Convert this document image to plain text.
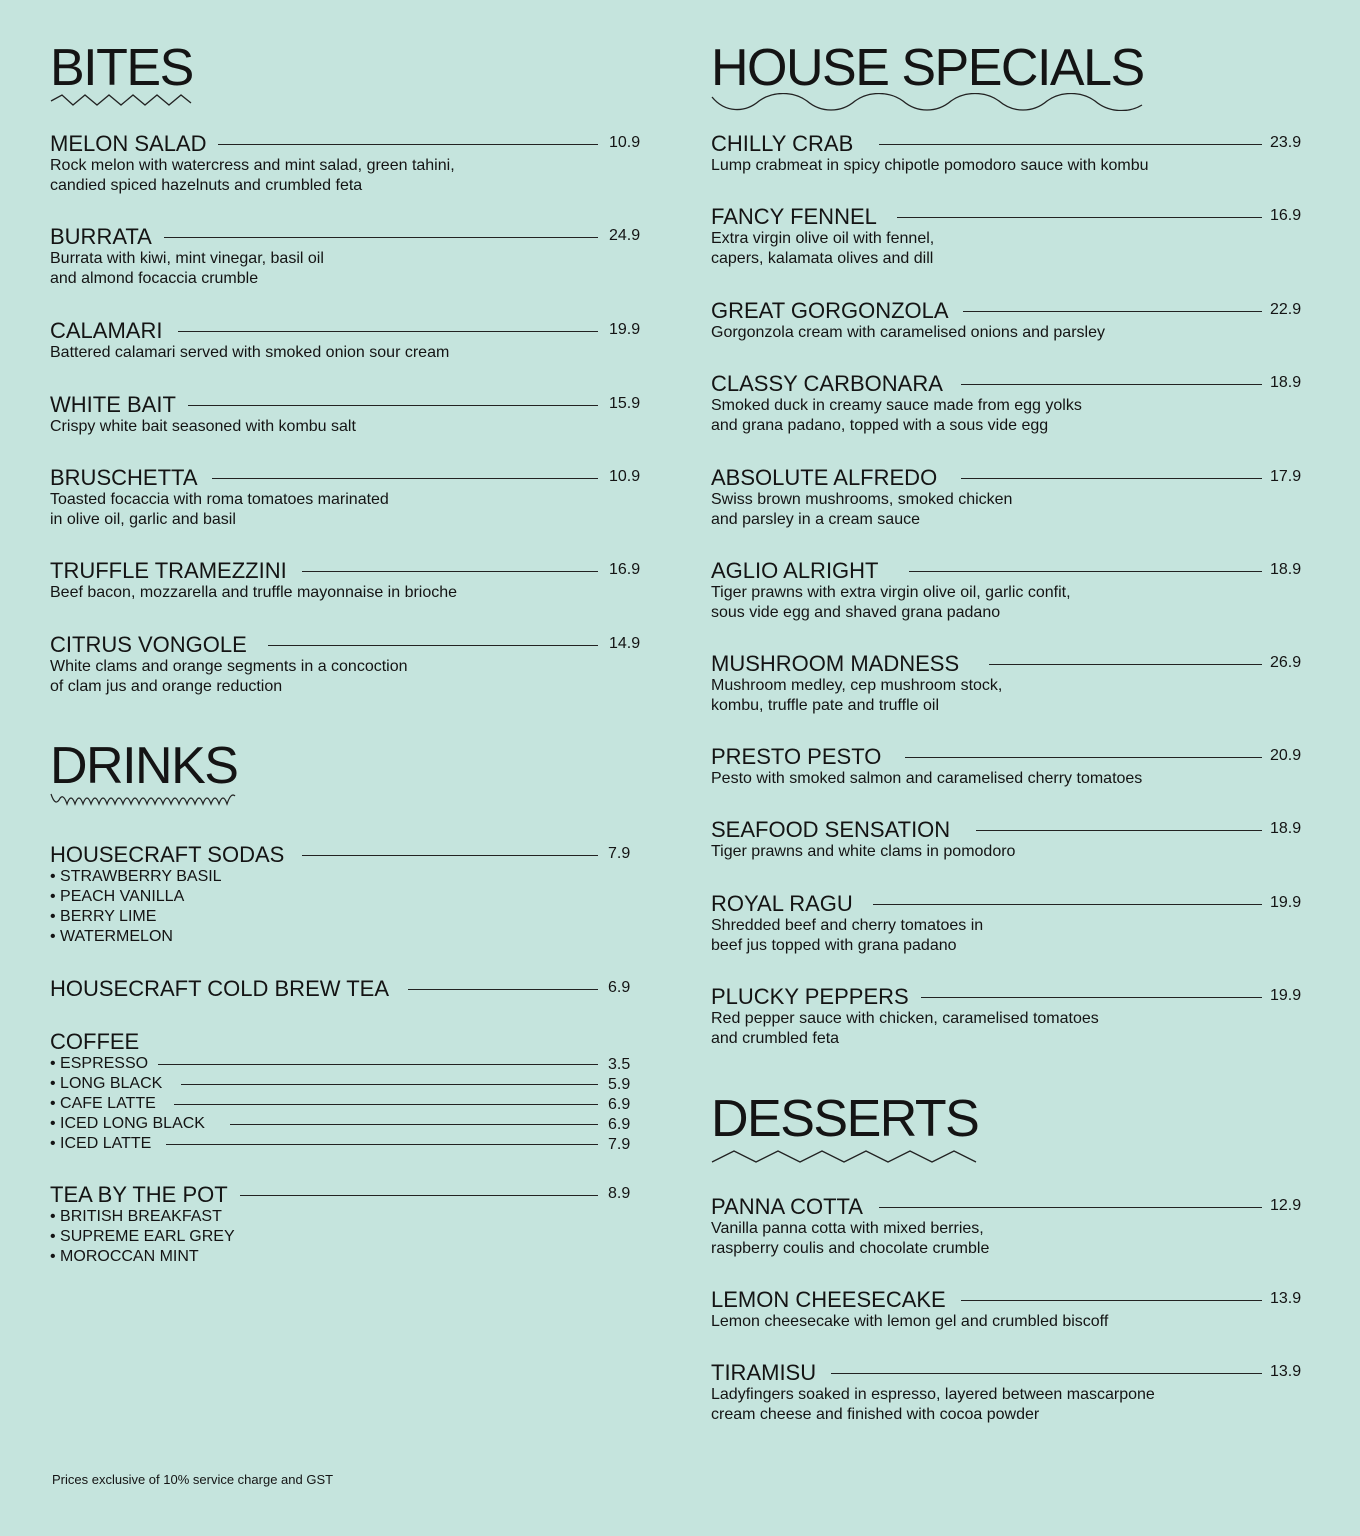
BITES
DRINKS
HOUSE SPECIALS
DESSERTS
MELON SALAD	10.9
Rock melon with watercress and mint salad, green tahini,
candied spiced hazelnuts and crumbled feta
BURRATA	24.9
Burrata with kiwi, mint vinegar, basil oil
and almond focaccia crumble
CALAMARI	19.9
Battered calamari served with smoked onion sour cream
WHITE BAIT	15.9
Crispy white bait seasoned with kombu salt
BRUSCHETTA	10.9
Toasted focaccia with roma tomatoes marinated
in olive oil, garlic and basil
TRUFFLE TRAMEZZINI	16.9
Beef bacon, mozzarella and truffle mayonnaise in brioche
CITRUS VONGOLE	14.9
White clams and orange segments in a concoction
of clam jus and orange reduction
HOUSECRAFT SODAS	7.9
• STRAWBERRY BASIL
• PEACH VANILLA
• BERRY LIME
• WATERMELON
HOUSECRAFT COLD BREW TEA	6.9
COFFEE
• ESPRESSO	3.5
• LONG BLACK	5.9
• CAFE LATTE	6.9
• ICED LONG BLACK	6.9
• ICED LATTE	7.9
TEA BY THE POT	8.9
• BRITISH BREAKFAST
• SUPREME EARL GREY
• MOROCCAN MINT
CHILLY CRAB	23.9
Lump crabmeat in spicy chipotle pomodoro sauce with kombu
FANCY FENNEL	16.9
Extra virgin olive oil with fennel,
capers, kalamata olives and dill
GREAT GORGONZOLA	22.9
Gorgonzola cream with caramelised onions and parsley
CLASSY CARBONARA	18.9
Smoked duck in creamy sauce made from egg yolks
and grana padano, topped with a sous vide egg
ABSOLUTE ALFREDO	17.9
Swiss brown mushrooms, smoked chicken
and parsley in a cream sauce
AGLIO ALRIGHT	18.9
Tiger prawns with extra virgin olive oil, garlic confit,
sous vide egg and shaved grana padano
MUSHROOM MADNESS	26.9
Mushroom medley, cep mushroom stock,
kombu, truffle pate and truffle oil
PRESTO PESTO	20.9
Pesto with smoked salmon and caramelised cherry tomatoes
SEAFOOD SENSATION	18.9
Tiger prawns and white clams in pomodoro
ROYAL RAGU	19.9
Shredded beef and cherry tomatoes in
beef jus topped with grana padano
PLUCKY PEPPERS	19.9
Red pepper sauce with chicken, caramelised tomatoes
and crumbled feta
PANNA COTTA	12.9
Vanilla panna cotta with mixed berries,
raspberry coulis and chocolate crumble
LEMON CHEESECAKE	13.9
Lemon cheesecake with lemon gel and crumbled biscoff
TIRAMISU	13.9
Ladyfingers soaked in espresso, layered between mascarpone
cream cheese and finished with cocoa powder
Prices exclusive of 10% service charge and GST
